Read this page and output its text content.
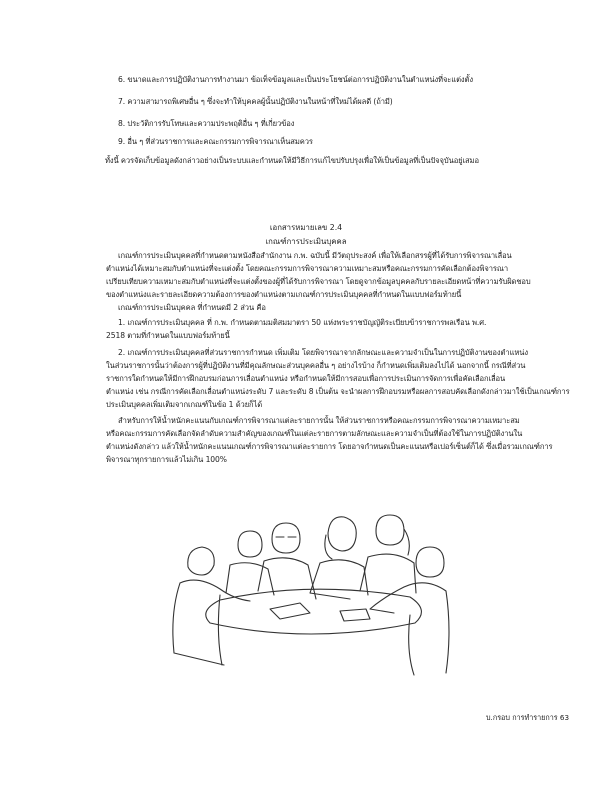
6. ขนาดและการปฏิบัติงานการทำงานมา ข้อเท็จข้อมูลและเป็นประโยชน์ต่อการปฏิบัติงานในตำแหน่งที่จะแต่งตั้ง
7. ความสามารถพิเศษอื่น ๆ ซึ่งจะทำให้บุคคลผู้นั้นปฏิบัติงานในหน้าที่ใหม่ได้ผลดี (ถ้ามี)
8. ประวัติการรับโทษและความประพฤติอื่น ๆ ที่เกี่ยวข้อง
9. อื่น ๆ ที่ส่วนราชการและคณะกรรมการพิจารณาเห็นสมควร
ทั้งนี้ ควรจัดเก็บข้อมูลดังกล่าวอย่างเป็นระบบและกำหนดให้มีวิธีการแก้ไขปรับปรุงเพื่อให้เป็นข้อมูลที่เป็นปัจจุบันอยู่เสมอ
เอกสารหมายเลข 2.4
เกณฑ์การประเมินบุคคล
เกณฑ์การประเมินบุคคลที่กำหนดตามหนังสือสำนักงาน ก.พ. ฉบับนี้ มีวัตถุประสงค์ เพื่อให้เลือกสรรผู้ที่ได้รับการพิจารณาเลื่อน
ตำแหน่งได้เหมาะสมกับตำแหน่งที่จะแต่งตั้ง โดยคณะกรรมการพิจารณาความเหมาะสมหรือคณะกรรมการคัดเลือกต้องพิจารณา
เปรียบเทียบความเหมาะสมกับตำแหน่งที่จะแต่งตั้งของผู้ที่ได้รับการพิจารณา โดยดูจากข้อมูลบุคคลกับรายละเอียดหน้าที่ความรับผิดชอบ
ของตำแหน่งและรายละเอียดความต้องการของตำแหน่งตามเกณฑ์การประเมินบุคคลที่กำหนดในแบบฟอร์มท้ายนี้
เกณฑ์การประเมินบุคคล ที่กำหนดมี 2 ส่วน คือ
1. เกณฑ์การประเมินบุคคล ที่ ก.พ. กำหนดตามมติสมมาตรา 50 แห่งพระราชบัญญัติระเบียบข้าราชการพลเรือน พ.ศ.
2518 ตามที่กำหนดในแบบฟอร์มท้ายนี้
2. เกณฑ์การประเมินบุคคลที่ส่วนราชการกำหนด เพิ่มเติม โดยพิจารณาจากลักษณะและความจำเป็นในการปฏิบัติงานของตำแหน่ง
ในส่วนราชการนั้นว่าต้องการผู้ที่ปฏิบัติงานที่มีคุณลักษณะส่วนบุคคลอื่น ๆ อย่างไรบ้าง ก็กำหนดเพิ่มเติมลงไปได้ นอกจากนี้ กรณีที่ส่วน
ราชการใดกำหนดให้มีการฝึกอบรมก่อนการเลื่อนตำแหน่ง หรือกำหนดให้มีการสอบเพื่อการประเมินการจัดการเพื่อคัดเลือกเลื่อน
ตำแหน่ง เช่น กรณีการคัดเลือกเลื่อนตำแหน่งระดับ 7 และระดับ 8 เป็นต้น จะนำผลการฝึกอบรมหรือผลการสอบคัดเลือกดังกล่าวมาใช้เป็นเกณฑ์การ
ประเมินบุคคลเพิ่มเติมจากเกณฑ์ในข้อ 1 ด้วยก็ได้
สำหรับการให้น้ำหนักคะแนนกับเกณฑ์การพิจารณาแต่ละรายการนั้น ให้ส่วนราชการหรือคณะกรรมการพิจารณาความเหมาะสม
หรือคณะกรรมการคัดเลือกจัดลำดับความสำคัญของเกณฑ์ในแต่ละรายการตามลักษณะและความจำเป็นที่ต้องใช้ในการปฏิบัติงานใน
ตำแหน่งดังกล่าว แล้วให้น้ำหนักคะแนนเกณฑ์การพิจารณาแต่ละรายการ โดยอาจกำหนดเป็นคะแนนหรือเปอร์เซ็นต์ก็ได้ ซึ่งเมื่อรวมเกณฑ์การ
พิจารณาทุกรายการแล้วไม่เกิน 100%
บ.กรอบ การทำรายการ 63
